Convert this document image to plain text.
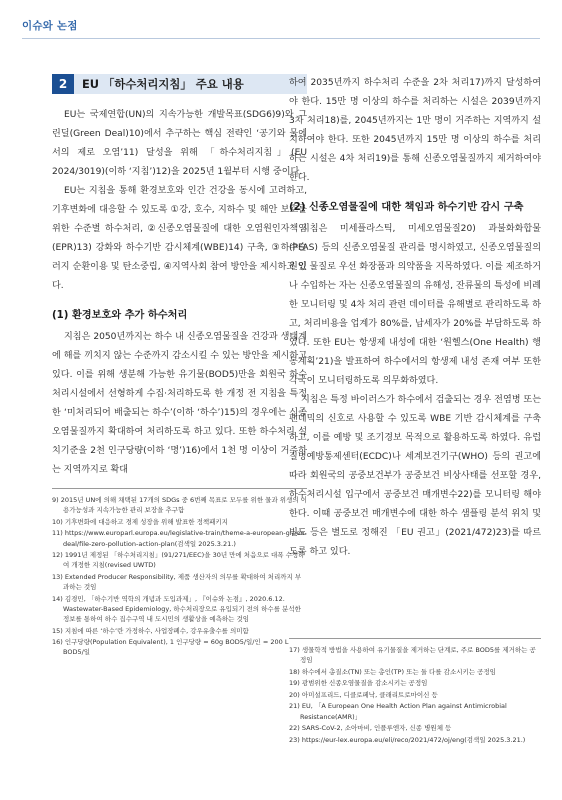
이슈와 논점
2	EU 「하수처리지침」 주요 내용

EU는 국제연합(UN)의 지속가능한 개발목표(SDG6)9)와 그린딜(Green Deal)10)에서 추구하는 핵심 전략인 ‘공기와 물에서의 제로 오염’11) 달성을 위해 「하수처리지침」(EU 2024/3019)(이하 ‘지침’)12)을 2025년 1월부터 시행 중이다.

EU는 지침을 통해 환경보호와 인간 건강을 동시에 고려하고, 기후변화에 대응할 수 있도록 ①강, 호수, 지하수 및 해안 보호를 위한 수준별 하수처리, ②신종오염물질에 대한 오염원인자책임(EPR)13) 강화와 하수기반 감시체계(WBE)14) 구축, ③하수슬러지 순환이용 및 탄소중립, ④지역사회 참여 방안을 제시하고 있다.

(1) 환경보호와 추가 하수처리

지침은 2050년까지는 하수 내 신종오염물질을 건강과 생태계에 해를 끼치지 않는 수준까지 감소시킬 수 있는 방안을 제시하고 있다. 이를 위해 생분해 가능한 유기물(BOD5)만을 회원국 하수처리시설에서 선형하게 수집·처리하도록 한 개정 전 지침을 특정한 ‘미처리되어 배출되는 하수’(이하 ‘하수’)15)의 경우에는 신종오염물질까지 확대하여 처리하도록 하고 있다. 또한 하수처리 설치기준을 2천 인구당량(이하 ‘명’)16)에서 1천 명 이상이 거주하는 지역까지로 확대

9) 2015년 UN에 의해 채택된 17개의 SDGs 중 6번째 목표로 모두를 위한 물과 위생의 이용가능성과 지속가능한 관리 보장을 추구함

10) 기후변화에 대응하고 경제 성장을 위해 발표한 정책패키지

11) https://www.europarl.europa.eu/legislative-train/theme-a-european-green-deal/file-zero-pollution-action-plan(검색일 2025.3.21.)

12) 1991년 제정된 「하수처리지침」(91/271/EEC)을 30년 만에 처음으로 대폭 수정하여 개정한 지침(revised UWTD)

13) Extended Producer Responsibility, 제품 생산자의 의무를 확대하여 처리까지 부과하는 것임

14) 김경민, 「하수기반 역학의 개념과 도입과제」, 『이슈와 논점』, 2020.6.12. Wastewater-Based Epidemiology, 하수처리장으로 유입되기 전의 하수를 분석한 정보를 통하여 하수 집수구역 내 도시민의 생활상을 예측하는 것임

15) 지침에 따른 ‘하수’란 가정하수, 사업장폐수, 강우유출수를 의미함

16) 인구당량(Population Equivalent), 1 인구당량 = 60g BOD5/일/인 = 200 L BOD5/일

하여 2035년까지 하수처리 수준을 2차 처리17)까지 달성하여야 한다. 15만 명 이상의 하수를 처리하는 시설은 2039년까지 3차 처리18)를, 2045년까지는 1만 명이 거주하는 지역까지 설치하여야 한다. 또한 2045년까지 15만 명 이상의 하수를 처리하는 시설은 4차 처리19)를 통해 신종오염물질까지 제거하여야 한다.

(2) 신종오염물질에 대한 책임과 하수기반 감시 구축

지침은 미세플라스틱, 미세오염물질20) 과불화화합물(PFAS) 등의 신종오염물질 관리를 명시하였고, 신종오염물질의 원인 물질로 우선 화장품과 의약품을 지목하였다. 이를 제조하거나 수입하는 자는 신종오염물질의 유해성, 잔류물의 특성에 비례한 모니터링 및 4차 처리 관련 데이터를 유해별로 관리하도록 하고, 처리비용을 업계가 80%를, 납세자가 20%를 부담하도록 하였다. 또한 EU는 항생제 내성에 대한 ‘원헬스(One Health) 행동계획’21)을 발표하여 하수에서의 항생제 내성 존재 여부 또한 각국이 모니터링하도록 의무화하였다.

지침은 특정 바이러스가 하수에서 검출되는 경우 전염병 또는 팬데믹의 신호로 사용할 수 있도록 WBE 기반 감시체계를 구축하고, 이를 예방 및 조기경보 목적으로 활용하도록 하였다. 유럽질병예방통제센터(ECDC)나 세계보건기구(WHO) 등의 권고에 따라 회원국의 공중보건부가 공중보건 비상사태를 선포할 경우, 하수처리시설 입구에서 공중보건 매개변수22)를 모니터링 해야 한다. 이때 공중보건 매개변수에 대한 하수 샘플링 분석 위치 및 빈도 등은 별도로 정해진 「EU 권고」(2021/472)23)를 따르도록 하고 있다.

17) 생물학적 방법을 사용하여 유기물질을 제거하는 단계로, 주로 BOD5를 제거하는 공정임

18) 하수에서 총질소(TN) 또는 총인(TP) 또는 둘 다를 감소시키는 공정임

19) 광범위한 신종오염물질을 감소시키는 공정임

20) 아미설프리드, 디클로페낙, 클래리트로마이신 등

21) EU, 「A European One Health Action Plan against Antimicrobial Resistance(AMR)」

22) SARS-CoV-2, 소아마비, 인플루엔자, 신종 병원체 등

23) https://eur-lex.europa.eu/eli/reco/2021/472/oj/eng(검색일 2025.3.21.)
